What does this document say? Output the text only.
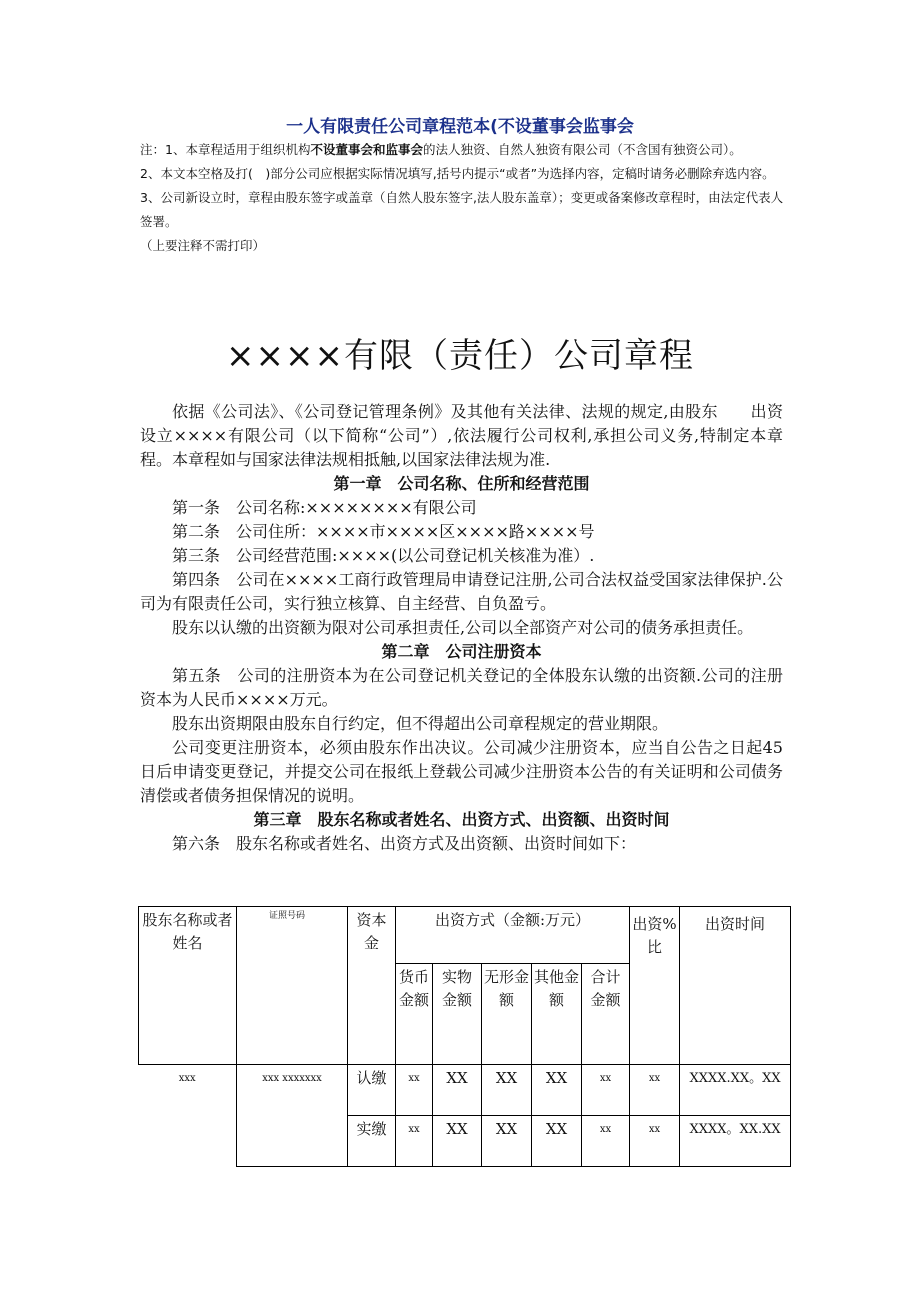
一人有限责任公司章程范本(不设董事会监事会

注：1、本章程适用于组织机构不设董事会和监事会的法人独资、自然人独资有限公司（不含国有独资公司）。

2、本文本空格及打(　)部分公司应根据实际情况填写,括号内提示“或者”为选择内容，定稿时请务必删除弃选内容。

3、公司新设立时，章程由股东签字或盖章（自然人股东签字,法人股东盖章）；变更或备案修改章程时，由法定代表人签署。

（上要注释不需打印）

××××有限（责任）公司章程

依据《公司法》、《公司登记管理条例》及其他有关法律、法规的规定,由股东　　出资设立××××有限公司（以下简称“公司”）,依法履行公司权利,承担公司义务,特制定本章程。本章程如与国家法律法规相抵触,以国家法律法规为准.

第一章　公司名称、住所和经营范围

第一条　公司名称:××××××××有限公司

第二条　公司住所：××××市××××区××××路××××号

第三条　公司经营范围:××××(以公司登记机关核准为准）.

第四条　公司在××××工商行政管理局申请登记注册,公司合法权益受国家法律保护.公司为有限责任公司，实行独立核算、自主经营、自负盈亏。

股东以认缴的出资额为限对公司承担责任,公司以全部资产对公司的债务承担责任。

第二章　公司注册资本

第五条　公司的注册资本为在公司登记机关登记的全体股东认缴的出资额.公司的注册资本为人民币××××万元。

股东出资期限由股东自行约定，但不得超出公司章程规定的营业期限。

公司变更注册资本，必须由股东作出决议。公司减少注册资本，应当自公告之日起45日后申请变更登记，并提交公司在报纸上登载公司减少注册资本公告的有关证明和公司债务清偿或者债务担保情况的说明。

第三章　股东名称或者姓名、出资方式、出资额、出资时间

第六条　股东名称或者姓名、出资方式及出资额、出资时间如下：

股东名称或者姓名	证照号码	资本金	出资方式（金额:万元）					出资%比	出资时间
			货币金额	实物金额	无形金额	其他金额	合计金额		
xxx	xxx xxxxxxx	认缴	xx	XX	XX	XX	xx	xx	XXXX.XX。XX
		实缴	xx	XX	XX	XX	xx	xx	XXXX。XX.XX
